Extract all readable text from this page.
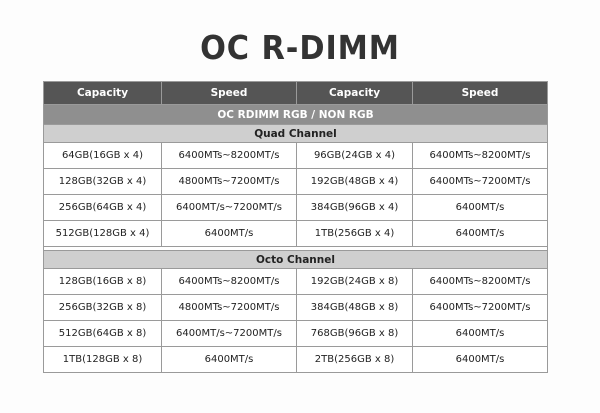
OC R-DIMM
Capacity	Speed	Capacity	Speed
OC RDIMM RGB / NON RGB			
Quad Channel			
64GB(16GB x 4)	6400MTs~8200MT/s	96GB(24GB x 4)	6400MTs~8200MT/s
128GB(32GB x 4)	4800MTs~7200MT/s	192GB(48GB x 4)	6400MTs~7200MT/s
256GB(64GB x 4)	6400MT/s~7200MT/s	384GB(96GB x 4)	6400MT/s
512GB(128GB x 4)	6400MT/s	1TB(256GB x 4)	6400MT/s

Octo Channel			
128GB(16GB x 8)	6400MTs~8200MT/s	192GB(24GB x 8)	6400MTs~8200MT/s
256GB(32GB x 8)	4800MTs~7200MT/s	384GB(48GB x 8)	6400MTs~7200MT/s
512GB(64GB x 8)	6400MT/s~7200MT/s	768GB(96GB x 8)	6400MT/s
1TB(128GB x 8)	6400MT/s	2TB(256GB x 8)	6400MT/s
